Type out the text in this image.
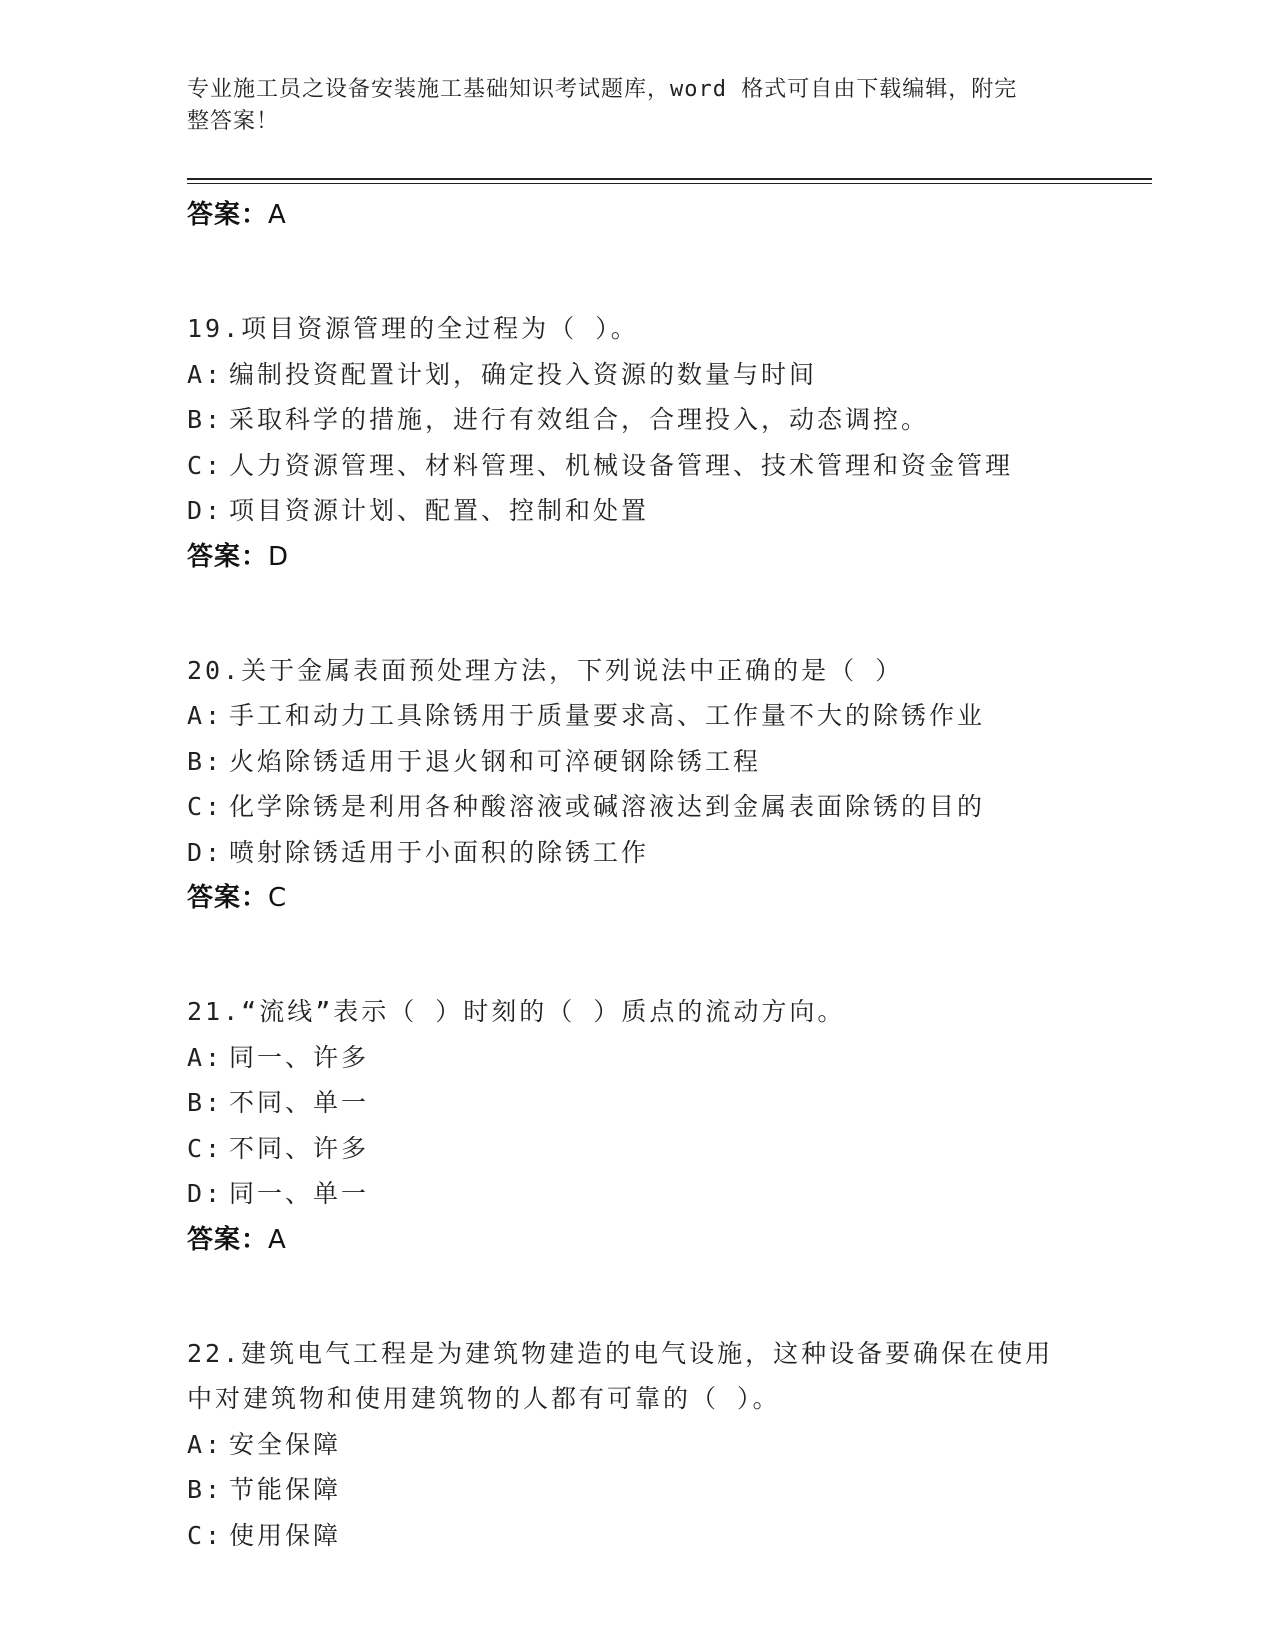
专业施工员之设备安装施工基础知识考试题库，word 格式可自由下载编辑，附完
整答案！
答案：A
19.项目资源管理的全过程为（ ）。
A: 编制投资配置计划，确定投入资源的数量与时间
B: 采取科学的措施，进行有效组合，合理投入，动态调控。
C: 人力资源管理、材料管理、机械设备管理、技术管理和资金管理
D: 项目资源计划、配置、控制和处置
答案：D
20.关于金属表面预处理方法，下列说法中正确的是（ ）
A: 手工和动力工具除锈用于质量要求高、工作量不大的除锈作业
B: 火焰除锈适用于退火钢和可淬硬钢除锈工程
C: 化学除锈是利用各种酸溶液或碱溶液达到金属表面除锈的目的
D: 喷射除锈适用于小面积的除锈工作
答案：C
21.“流线”表示（ ）时刻的（ ）质点的流动方向。
A: 同一、许多
B: 不同、单一
C: 不同、许多
D: 同一、单一
答案：A
22.建筑电气工程是为建筑物建造的电气设施，这种设备要确保在使用
中对建筑物和使用建筑物的人都有可靠的（ ）。
A: 安全保障
B: 节能保障
C: 使用保障
